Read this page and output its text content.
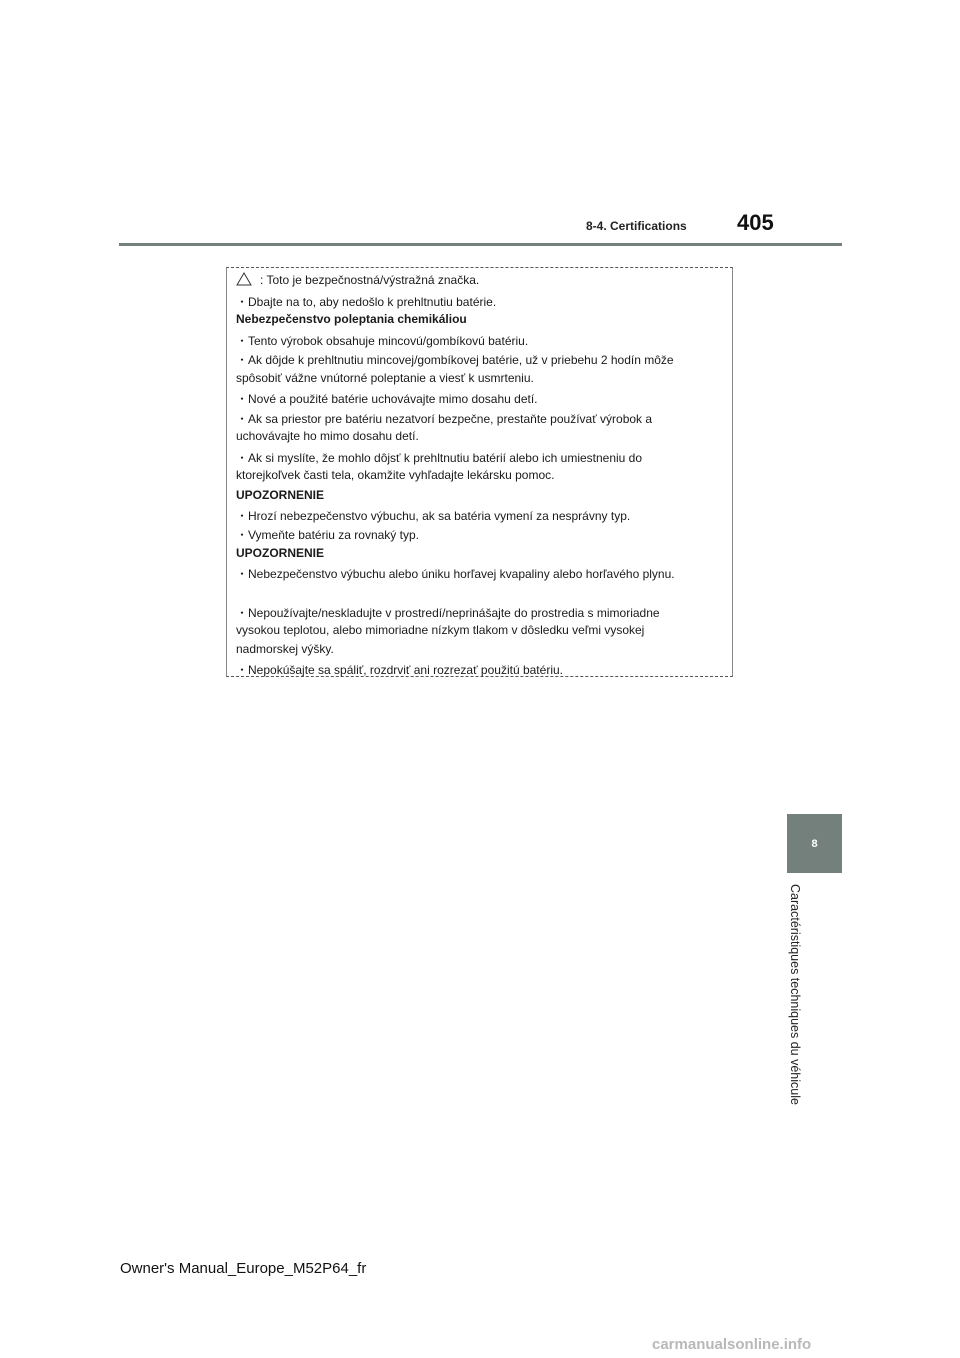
8-4. Certifications 405
: Toto je bezpečnostná/výstražná značka.
・Dbajte na to, aby nedošlo k prehltnutiu batérie.
Nebezpečenstvo poleptania chemikáliou
・Tento výrobok obsahuje mincovú/gombíkovú batériu.
・Ak dôjde k prehltnutiu mincovej/gombíkovej batérie, už v priebehu 2 hodín môže
spôsobiť vážne vnútorné poleptanie a viesť k usmrteniu.
・Nové a použité batérie uchovávajte mimo dosahu detí.
・Ak sa priestor pre batériu nezatvorí bezpečne, prestaňte používať výrobok a
uchovávajte ho mimo dosahu detí.
・Ak si myslíte, že mohlo dôjsť k prehltnutiu batérií alebo ich umiestneniu do
ktorejkoľvek časti tela, okamžite vyhľadajte lekársku pomoc.
UPOZORNENIE
・Hrozí nebezpečenstvo výbuchu, ak sa batéria vymení za nesprávny typ.
・Vymeňte batériu za rovnaký typ.
UPOZORNENIE
・Nebezpečenstvo výbuchu alebo úniku horľavej kvapaliny alebo horľavého plynu.
・Nepoužívajte/neskladujte v prostredí/neprinášajte do prostredia s mimoriadne
vysokou teplotou, alebo mimoriadne nízkym tlakom v dôsledku veľmi vysokej
nadmorskej výšky.
・Nepokúšajte sa spáliť, rozdrviť ani rozrezať použitú batériu.
8
Caractéristiques techniques du véhicule
Owner's Manual_Europe_M52P64_fr
carmanualsonline.info
